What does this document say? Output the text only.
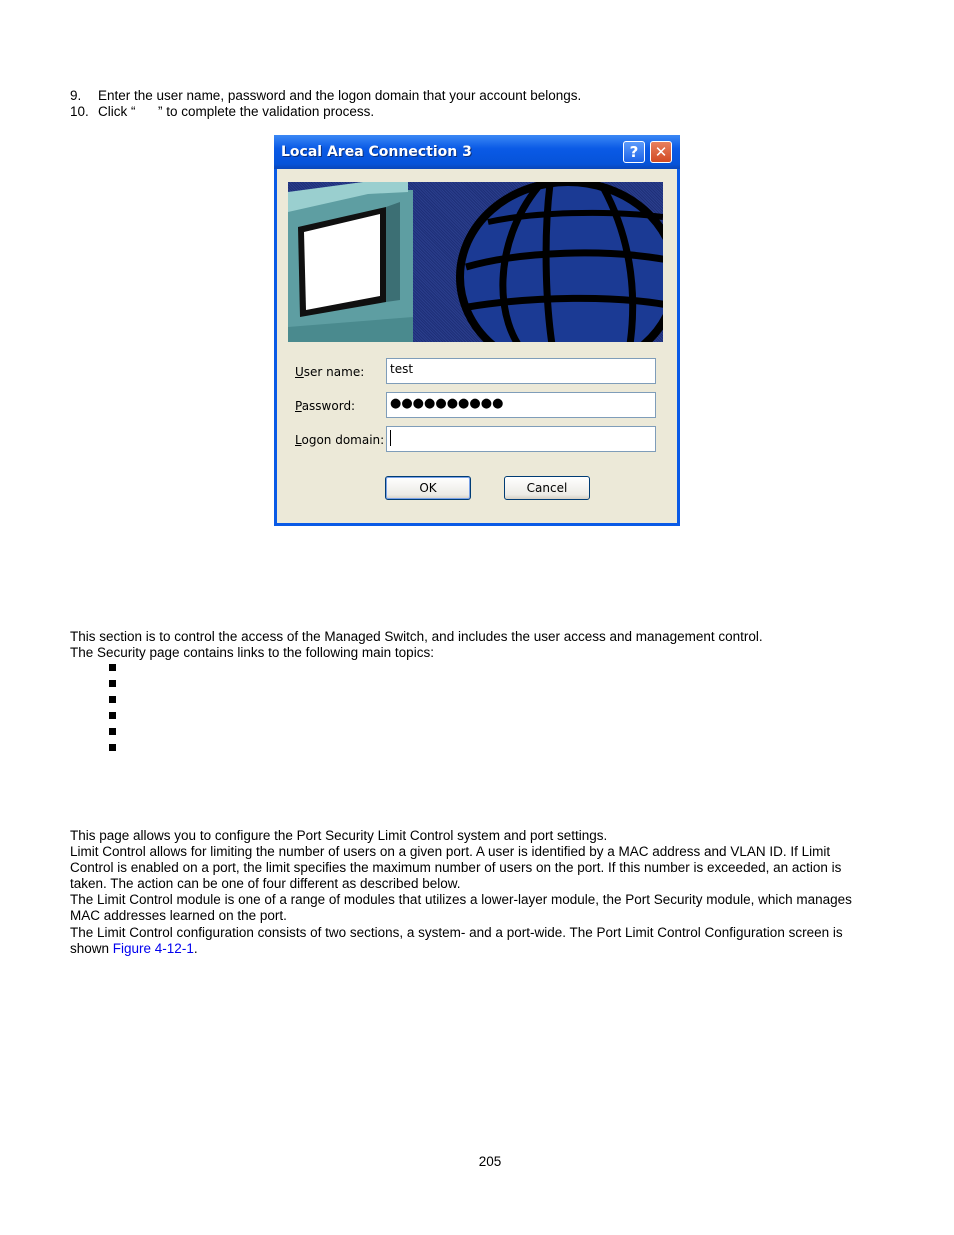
9. Enter the user name, password and the logon domain that your account belongs.
10. Click “      ” to complete the validation process.
Local Area Connection 3	?	✕
User name:	test
Password:	●●●●●●●●●●
Logon domain:
OK	Cancel
This section is to control the access of the Managed Switch, and includes the user access and management control.
The Security page contains links to the following main topics:
This page allows you to configure the Port Security Limit Control system and port settings.
Limit Control allows for limiting the number of users on a given port. A user is identified by a MAC address and VLAN ID. If Limit
Control is enabled on a port, the limit specifies the maximum number of users on the port. If this number is exceeded, an action is
taken. The action can be one of four different as described below.
The Limit Control module is one of a range of modules that utilizes a lower-layer module, the Port Security module, which manages
MAC addresses learned on the port.
The Limit Control configuration consists of two sections, a system- and a port-wide. The Port Limit Control Configuration screen is
shown Figure 4-12-1.
205
